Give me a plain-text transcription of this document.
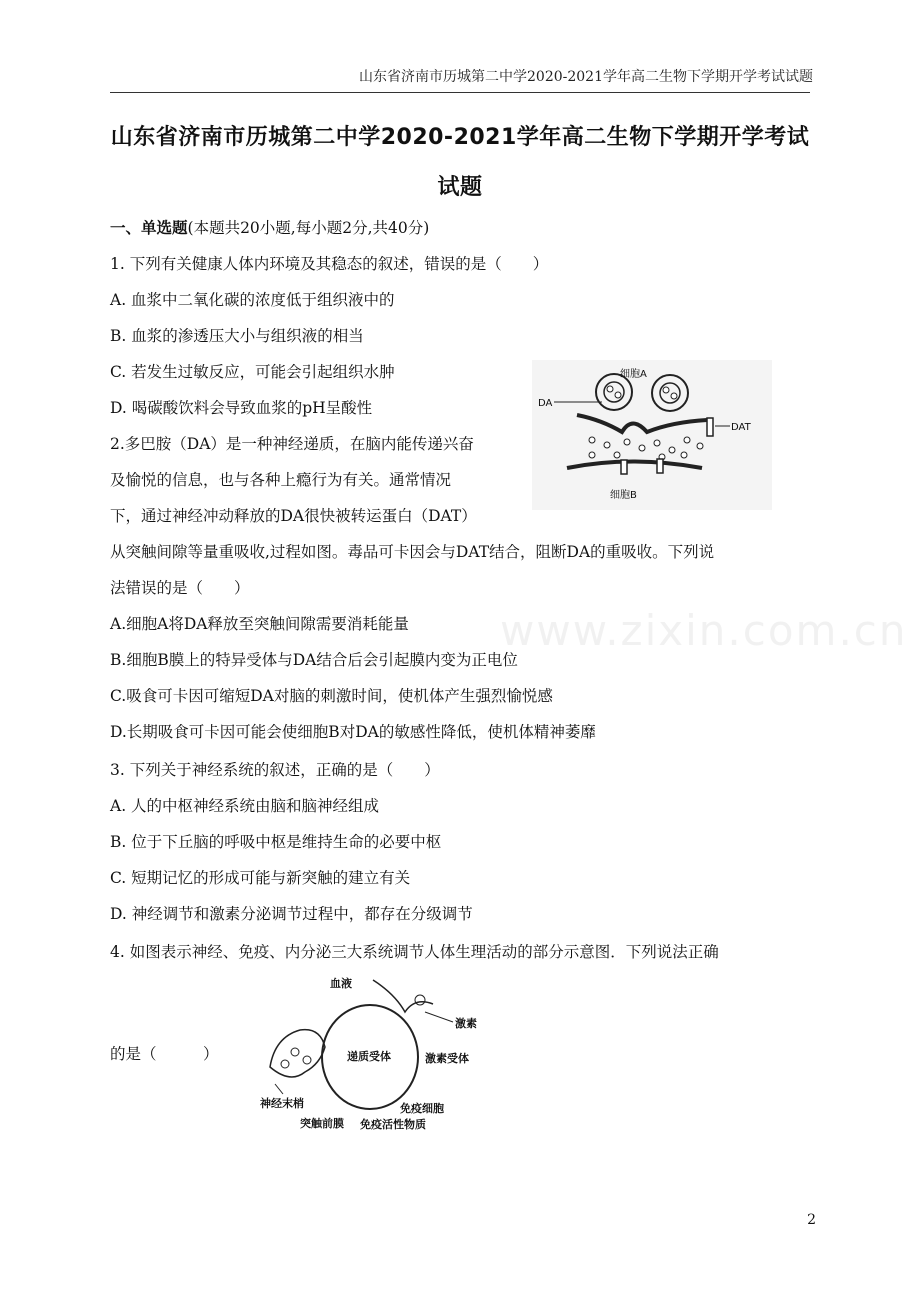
山东省济南市历城第二中学2020-2021学年高二生物下学期开学考试试题
山东省济南市历城第二中学2020-2021学年高二生物下学期开学考试
试题
一、单选题(本题共20小题,每小题2分,共40分)
1. 下列有关健康人体内环境及其稳态的叙述，错误的是（　　）
A. 血浆中二氧化碳的浓度低于组织液中的
B. 血浆的渗透压大小与组织液的相当
C. 若发生过敏反应，可能会引起组织水肿
D. 喝碳酸饮料会导致血浆的pH呈酸性
2.多巴胺（DA）是一种神经递质，在脑内能传递兴奋
及愉悦的信息，也与各种上瘾行为有关。通常情况
下，通过神经冲动释放的DA很快被转运蛋白（DAT）
从突触间隙等量重吸收,过程如图。毒品可卡因会与DAT结合，阻断DA的重吸收。下列说
法错误的是（　　）
A.细胞A将DA释放至突触间隙需要消耗能量
B.细胞B膜上的特异受体与DA结合后会引起膜内变为正电位
C.吸食可卡因可缩短DA对脑的刺激时间，使机体产生强烈愉悦感
D.长期吸食可卡因可能会使细胞B对DA的敏感性降低，使机体精神萎靡
细胞A
DA
DAT
细胞B
3. 下列关于神经系统的叙述，正确的是（　　）
A. 人的中枢神经系统由脑和脑神经组成
B. 位于下丘脑的呼吸中枢是维持生命的必要中枢
C. 短期记忆的形成可能与新突触的建立有关
D. 神经调节和激素分泌调节过程中，都存在分级调节
4. 如图表示神经、免疫、内分泌三大系统调节人体生理活动的部分示意图．下列说法正确
的是（　　　）
血液
激素
递质受体	激素受体
神经末梢	免疫细胞
突触前膜 免疫活性物质
www.zixin.com.cn
2
